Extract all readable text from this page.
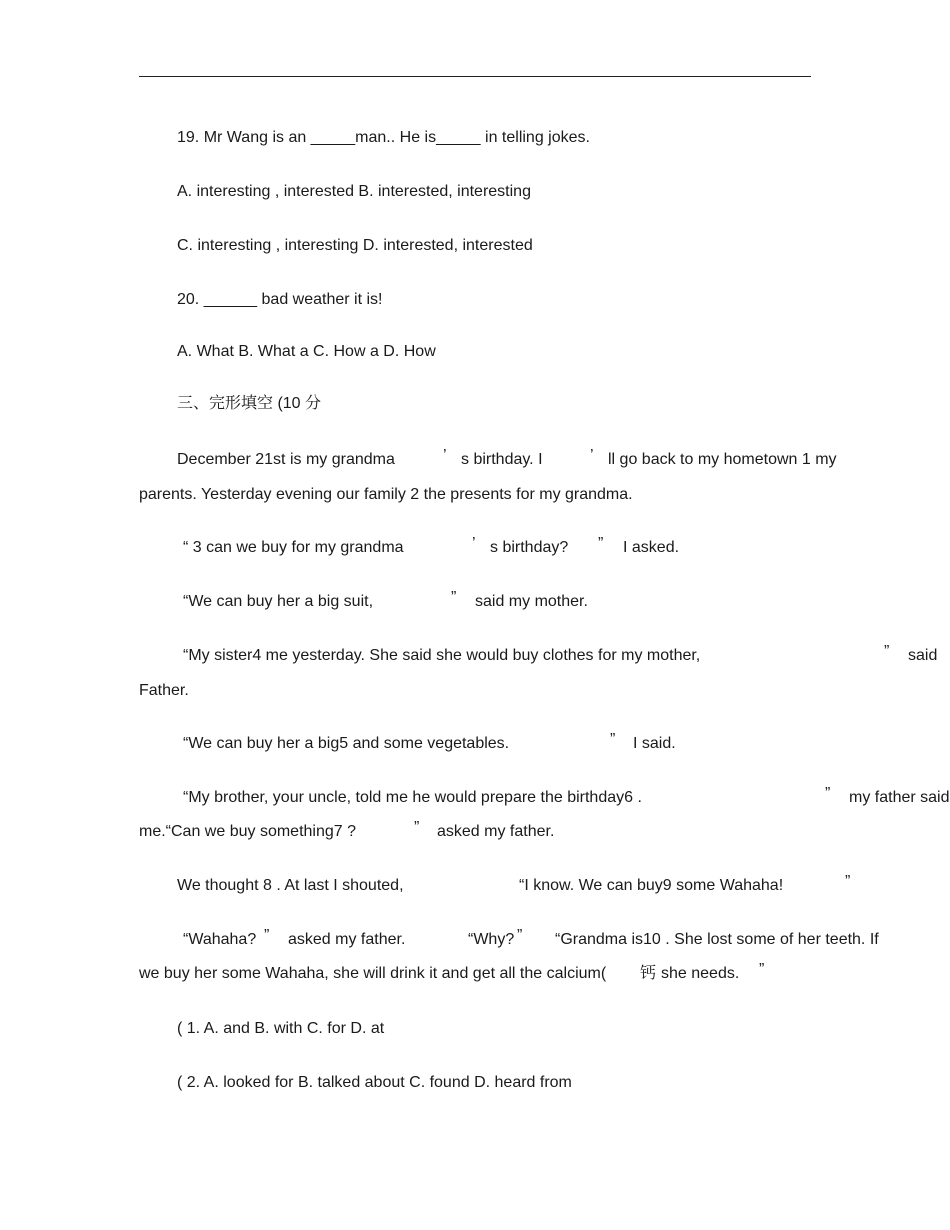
19. Mr Wang is an _____man.. He is_____ in telling jokes.
A. interesting , interested B. interested, interesting
C. interesting , interesting D. interested, interested
20. ______ bad weather it is!
A. What B. What a C. How a D. How
三、完形填空 (10 分
December 21st is my grandma	’ s birthday. I	’ ll go back to my hometown 1 my
parents. Yesterday evening our family 2 the presents for my grandma.
“ 3 can we buy for my grandma	’ s birthday? ” I asked.
“We can buy her a big suit,	” said my mother.
“My sister4 me yesterday. She said she would buy clothes for my mother,	” said
Father.
“We can buy her a big5 and some vegetables.	” I said.
“My brother, your uncle, told me he would prepare the birthday6 .	” my father said
me.“Can we buy something7 ?	” asked my father.
We thought 8 . At last I shouted,	“I know. We can buy9 some Wahaha!	”
“Wahaha? ” asked my father.	“Why? ” “Grandma is10 . She lost some of her teeth. If
we buy her some Wahaha, she will drink it and get all the calcium( 钙 she needs. ”
( 1. A. and B. with C. for D. at
( 2. A. looked for B. talked about C. found D. heard from
